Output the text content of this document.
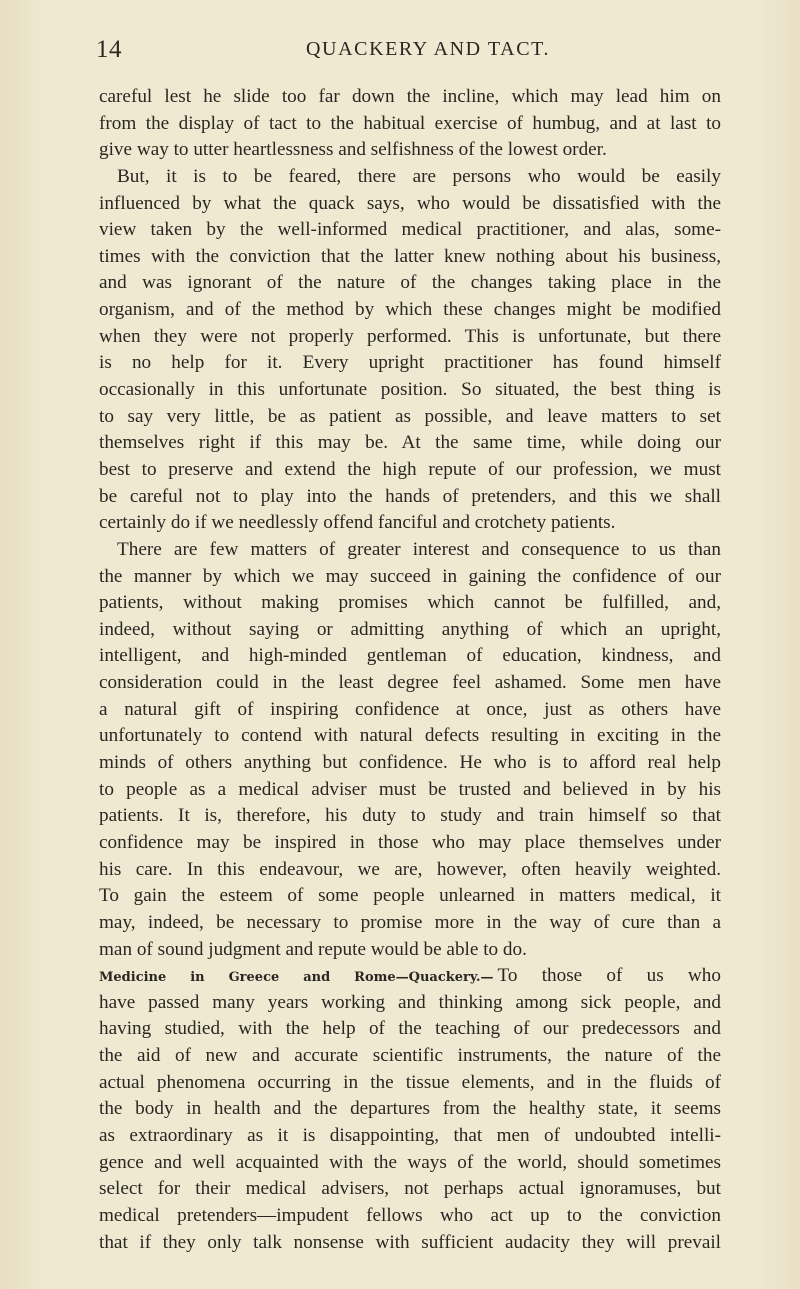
14	QUACKERY AND TACT.
careful lest he slide too far down the incline, which may lead him on
from the display of tact to the habitual exercise of humbug, and at last to
give way to utter heartlessness and selfishness of the lowest order.
But, it is to be feared, there are persons who would be easily
influenced by what the quack says, who would be dissatisfied with the
view taken by the well-informed medical practitioner, and alas, some-
times with the conviction that the latter knew nothing about his business,
and was ignorant of the nature of the changes taking place in the
organism, and of the method by which these changes might be modified
when they were not properly performed. This is unfortunate, but there
is no help for it. Every upright practitioner has found himself
occasionally in this unfortunate position. So situated, the best thing is
to say very little, be as patient as possible, and leave matters to set
themselves right if this may be. At the same time, while doing our
best to preserve and extend the high repute of our profession, we must
be careful not to play into the hands of pretenders, and this we shall
certainly do if we needlessly offend fanciful and crotchety patients.
There are few matters of greater interest and consequence to us than
the manner by which we may succeed in gaining the confidence of our
patients, without making promises which cannot be fulfilled, and,
indeed, without saying or admitting anything of which an upright,
intelligent, and high-minded gentleman of education, kindness, and
consideration could in the least degree feel ashamed. Some men have
a natural gift of inspiring confidence at once, just as others have
unfortunately to contend with natural defects resulting in exciting in the
minds of others anything but confidence. He who is to afford real help
to people as a medical adviser must be trusted and believed in by his
patients. It is, therefore, his duty to study and train himself so that
confidence may be inspired in those who may place themselves under
his care. In this endeavour, we are, however, often heavily weighted.
To gain the esteem of some people unlearned in matters medical, it
may, indeed, be necessary to promise more in the way of cure than a
man of sound judgment and repute would be able to do.
Medicine in Greece and Rome—Quackery.— To those of us who
have passed many years working and thinking among sick people, and
having studied, with the help of the teaching of our predecessors and
the aid of new and accurate scientific instruments, the nature of the
actual phenomena occurring in the tissue elements, and in the fluids of
the body in health and the departures from the healthy state, it seems
as extraordinary as it is disappointing, that men of undoubted intelli-
gence and well acquainted with the ways of the world, should sometimes
select for their medical advisers, not perhaps actual ignoramuses, but
medical pretenders—impudent fellows who act up to the conviction
that if they only talk nonsense with sufficient audacity they will prevail
